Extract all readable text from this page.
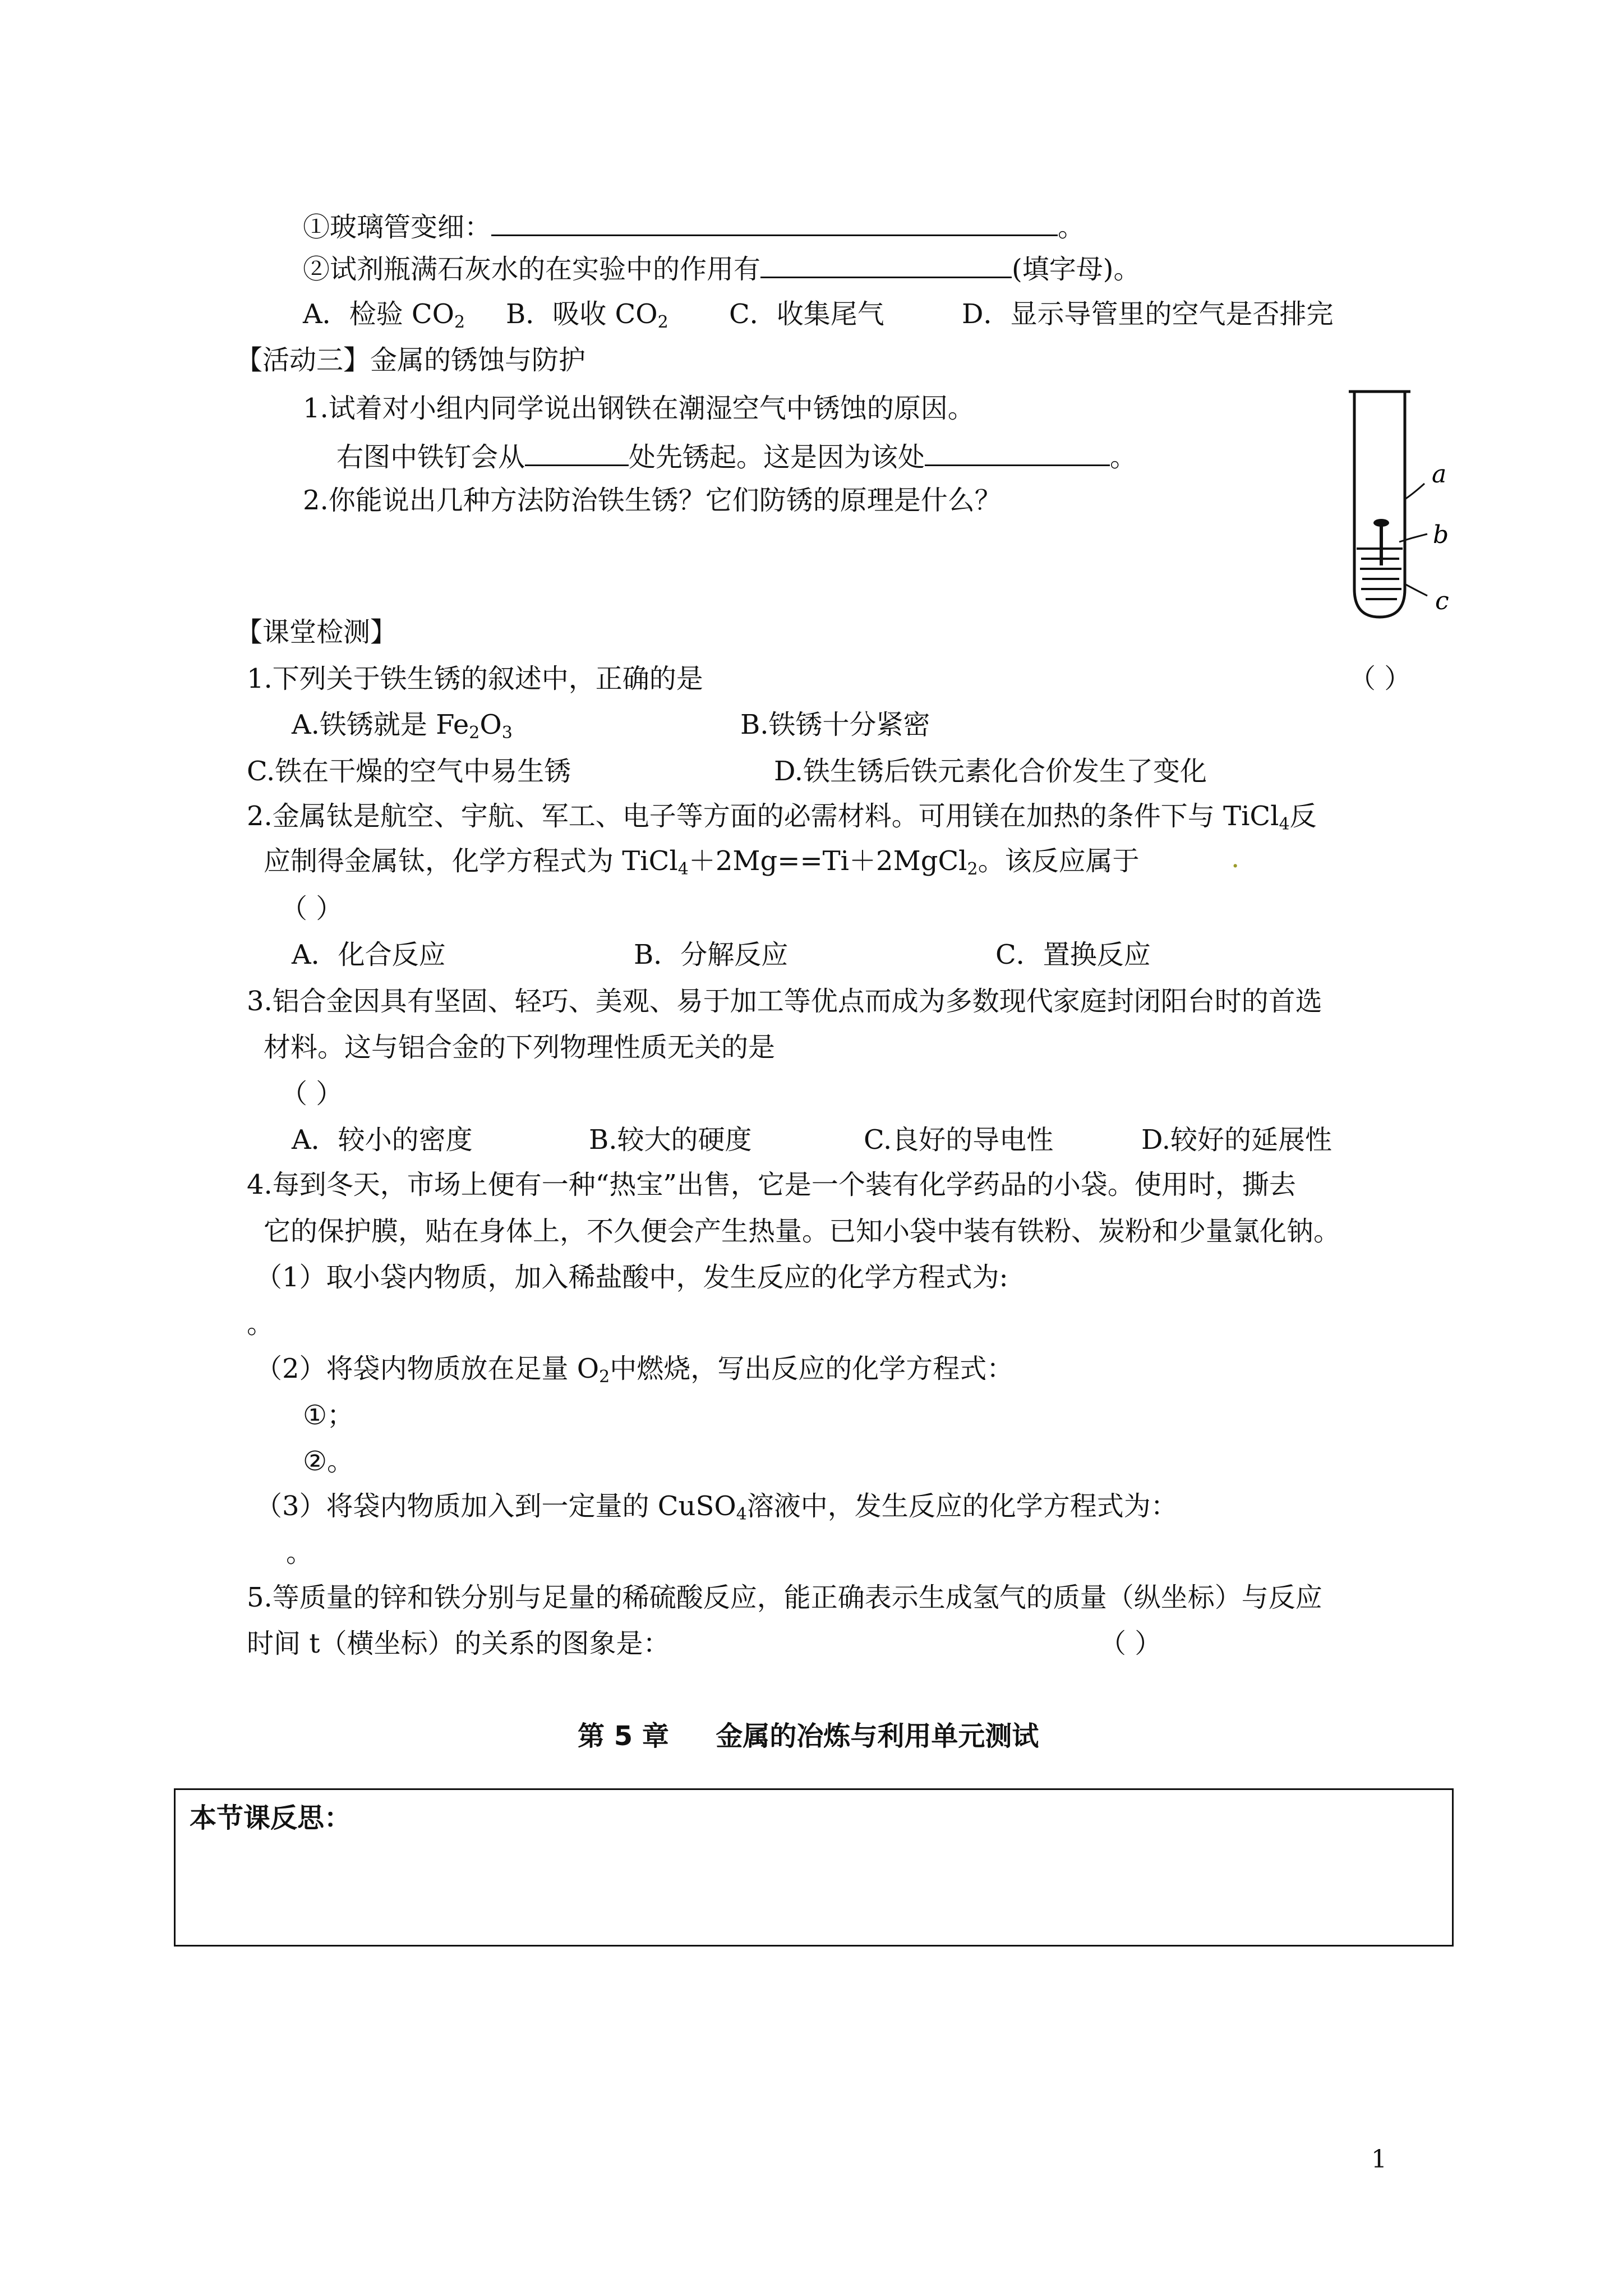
①玻璃管变细：	。
②试剂瓶满石灰水的在实验中的作用有	(填字母)。
A．检验 $CO_2$ B．吸收 $CO_2$ C．收集尾气	D．显示导管里的空气是否排完
【活动三】金属的锈蚀与防护
1.试着对小组内同学说出钢铁在潮湿空气中锈蚀的原因。
右图中铁钉会从	处先锈起。这是因为该处	。
2.你能说出几种方法防治铁生锈？它们防锈的原理是什么？
a
b
c
【课堂检测】
1.下列关于铁生锈的叙述中，正确的是	（ ）
A.铁锈就是 $Fe_2O_3$	B.铁锈十分紧密
C.铁在干燥的空气中易生锈	D.铁生锈后铁元素化合价发生了变化
2.金属钛是航空、宇航、军工、电子等方面的必需材料。可用镁在加热的条件下与 TiCl$_4$反
应制得金属钛，化学方程式为 TiCl$_4$＋2Mg==Ti＋2MgCl$_2$。该反应属于	.
（ ）
A．化合反应	B．分解反应	C．置换反应
3.铝合金因具有坚固、轻巧、美观、易于加工等优点而成为多数现代家庭封闭阳台时的首选
材料。这与铝合金的下列物理性质无关的是
（ ）
A．较小的密度	B.较大的硬度	C.良好的导电性	D.较好的延展性
4.每到冬天，市场上便有一种“热宝”出售，它是一个装有化学药品的小袋。使用时，撕去
它的保护膜，贴在身体上，不久便会产生热量。已知小袋中装有铁粉、炭粉和少量氯化钠。
（1）取小袋内物质，加入稀盐酸中，发生反应的化学方程式为:
。
（2）将袋内物质放在足量 $O_2$中燃烧，写出反应的化学方程式：
①；
②。
（3）将袋内物质加入到一定量的 CuSO$_4$溶液中，发生反应的化学方程式为：
。
5.等质量的锌和铁分别与足量的稀硫酸反应，能正确表示生成氢气的质量（纵坐标）与反应
时间 t（横坐标）的关系的图象是：	（ ）
第 5 章     金属的冶炼与利用单元测试
本节课反思：
1
